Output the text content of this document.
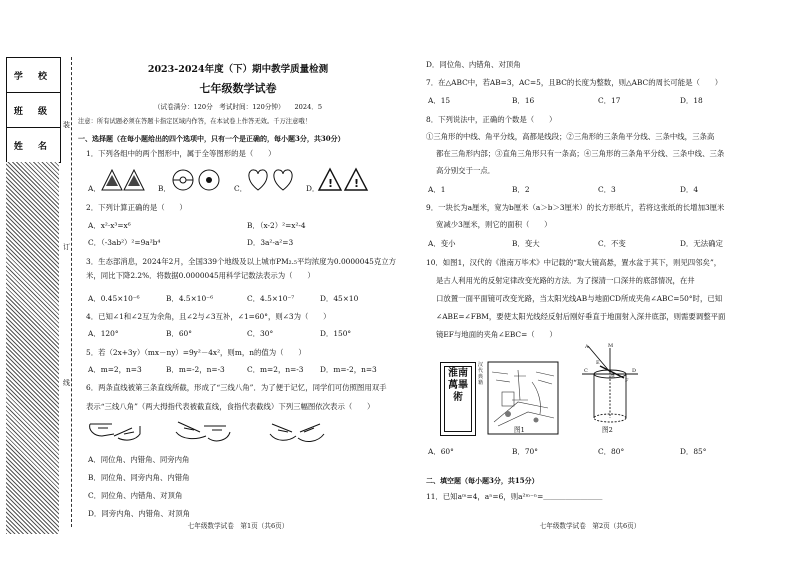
学 校
班 级
姓 名
装
订
线
2023-2024年度（下）期中教学质量检测
七年级数学试卷
（试卷满分：120分　考试时间：120分钟）　　2024．5
注意：所有试题必须在答题卡指定区域内作答，在本试卷上作答无效。千万注意哦！
一、选择题（在每小题给出的四个选项中，只有一个是正确的，每小题3分，共30分）
1．下列各组中的两个图形中，属于全等图形的是（　　）
A．	B．	C．	D． ! !
2．下列计算正确的是（　　）
A．x²·x³=x⁶	B．（x-2）²=x²-4
C．（-3ab²）²=9a²b⁴	D．3a²-a²=3
3．生态部消息，2024年2月，全国339个地级及以上城市PM₂.₅平均浓度为0.0000045克立方
米，同比下降2.2%．将数据0.0000045用科学记数法表示为（　　）
A．0.45×10⁻⁶	B．4.5×10⁻⁶	C．4.5×10⁻⁷	D．45×10
4．已知∠1和∠2互为余角，且∠2与∠3互补，∠1=60°，则∠3为（　　）
A．120°	B．60°	C．30°	D．150°
5．若（2x+3y）（mx－ny）=9y²－4x²，则m，n的值为（　　）
A．m=2，n=3	B．m=-2，n=-3	C．m=2，n=-3 D．m=-2，n=3
6．两条直线被第三条直线所截，形成了“三线八角”．为了便于记忆，同学们可仿照图用双手
表示“三线八角”（两大拇指代表被截直线，食指代表截线）下列三幅图依次表示（　　）
A．同位角、内错角、同旁内角
B．同位角、同旁内角、内错角
C．同位角、内错角、对顶角
D．同旁内角、内错角、对顶角
七年级数学试卷　第1页（共6页）
D．同位角、内错角、对顶角
7．在△ABC中，若AB=3，AC=5，且BC的长度为整数，则△ABC的周长可能是（　　）
A．15	B．16	C．17	D．18
8．下列说法中，正确的个数是（　　）
①三角形的中线、角平分线，高都是线段；②三角形的三条角平分线、三条中线，三条高
都在三角形内部；③直角三角形只有一条高；④三角形的三条角平分线、三条中线、三条
高分别交于一点．
A．1	B．2	C．3	D．4
9．一块长为a厘米，宽为b厘米（a＞b＞3厘米）的长方形纸片，若将这张纸的长增加3厘米
宽减少3厘米，则它的面积（　　）
A．变小	B．变大	C．不变	D．无法确定
10．如图1，汉代的《淮南万毕术》中记载的“取大镜高悬，置水盆于其下，则见四邻矣”，
是古人利用光的反射定律改变光路的方法．为了探清一口深井的底部情况，在井
口放置一面平面镜可改变光路，当太阳光线AB与地面CD所成夹角∠ABC=50°时，已知
∠ABE=∠FBM，要使太阳光线经反射后刚好垂直于地面射入深井底部，则需要调整平面
镜EF与地面的夹角∠EBC=（　　）
淮南萬畢術
汉代典籍
图1
A
E
F
M
B
C	D
图2
A．60°	B．70°	C．80°	D．85°
二、填空题（每小题3分，共15分）
11．已知aᵐ=4，aⁿ=6，则a²ᵐ⁻ⁿ=＿＿＿＿＿＿＿＿
七年级数学试卷　第2页（共6页）
